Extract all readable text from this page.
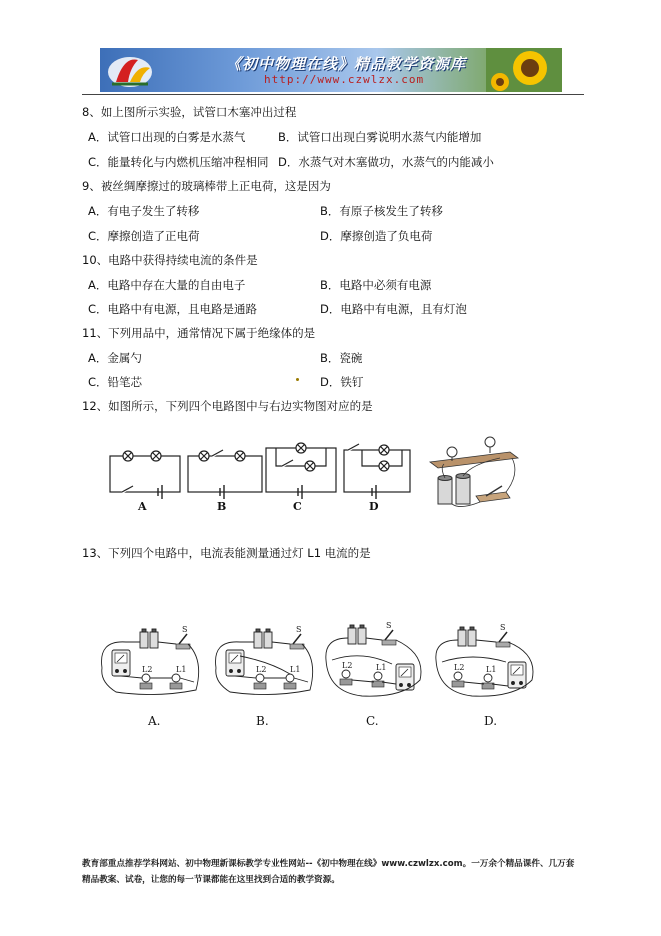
《初中物理在线》精品教学资源库
http://www.czwlzx.com
8、如上图所示实验，试管口木塞冲出过程
A．试管口出现的白雾是水蒸气	B．试管口出现白雾说明水蒸气内能增加
C．能量转化与内燃机压缩冲程相同 D．水蒸气对木塞做功，水蒸气的内能减小
9、被丝绸摩擦过的玻璃棒带上正电荷，这是因为
A．有电子发生了转移	B．有原子核发生了转移
C．摩擦创造了正电荷	D．摩擦创造了负电荷
10、电路中获得持续电流的条件是
A．电路中存在大量的自由电子	B．电路中必须有电源
C．电路中有电源，且电路是通路	D．电路中有电源，且有灯泡
11、下列用品中，通常情况下属于绝缘体的是
A．金属勺	B．瓷碗
C．铅笔芯	D．铁钉
12、如图所示，下列四个电路图中与右边实物图对应的是
A	B	C	D
13、下列四个电路中，电流表能测量通过灯 L1 电流的是
L2	L1
S
L2	L1
S
L2	L1
S
L2	L1
S
A.	B.	C.	D.
教育部重点推荐学科网站、初中物理新课标教学专业性网站--《初中物理在线》www.czwlzx.com。一万余个精品课件、几万套精品教案、试卷，让您的每一节课都能在这里找到合适的教学资源。
